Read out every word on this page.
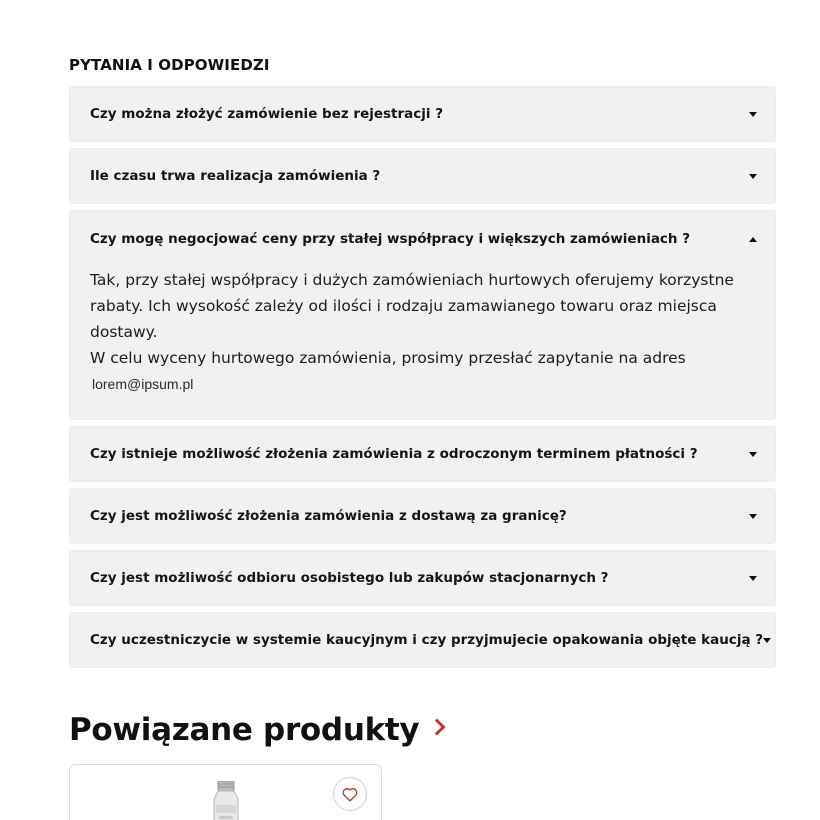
PYTANIA I ODPOWIEDZI
Czy można złożyć zamówienie bez rejestracji ?
Ile czasu trwa realizacja zamówienia ?
Czy mogę negocjować ceny przy stałej współpracy i większych zamówieniach ?

Tak, przy stałej współpracy i dużych zamówieniach hurtowych oferujemy korzystne rabaty. Ich wysokość zależy od ilości i rodzaju zamawianego towaru oraz miejsca dostawy.

W celu wyceny hurtowego zamówienia, prosimy przesłać zapytanie na adres

lorem@ipsum.pl
Czy istnieje możliwość złożenia zamówienia z odroczonym terminem płatności ?
Czy jest możliwość złożenia zamówienia z dostawą za granicę?
Czy jest możliwość odbioru osobistego lub zakupów stacjonarnych ?
Czy uczestniczycie w systemie kaucyjnym i czy przyjmujecie opakowania objęte kaucją ?
Powiązane produkty
